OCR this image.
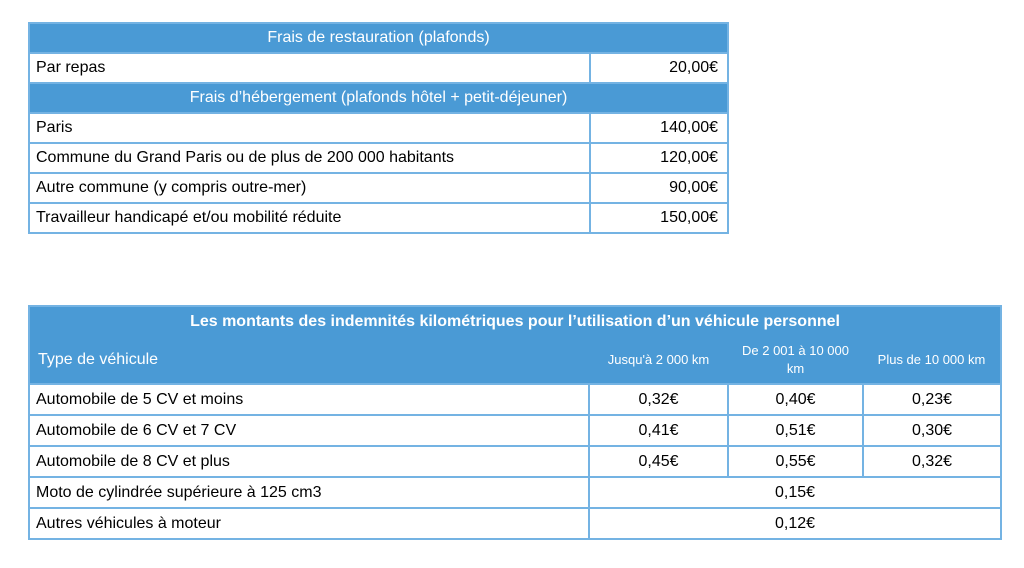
Frais de restauration (plafonds)	
Par repas	20,00€
Frais d’hébergement (plafonds hôtel + petit-déjeuner)	
Paris	140,00€
Commune du Grand Paris ou de plus de 200 000 habitants	120,00€
Autre commune (y compris outre-mer)	90,00€
Travailleur handicapé et/ou mobilité réduite	150,00€
Les montants des indemnités kilométriques pour l’utilisation d’un véhicule personnel			
Type de véhicule	Jusqu'à 2 000 km	De 2 001 à 10 000 km	Plus de 10 000 km
Automobile de 5 CV et moins	0,32€	0,40€	0,23€
Automobile de 6 CV et 7 CV	0,41€	0,51€	0,30€
Automobile de 8 CV et plus	0,45€	0,55€	0,32€
Moto de cylindrée supérieure à 125 cm3	0,15€		
Autres véhicules à moteur	0,12€		
